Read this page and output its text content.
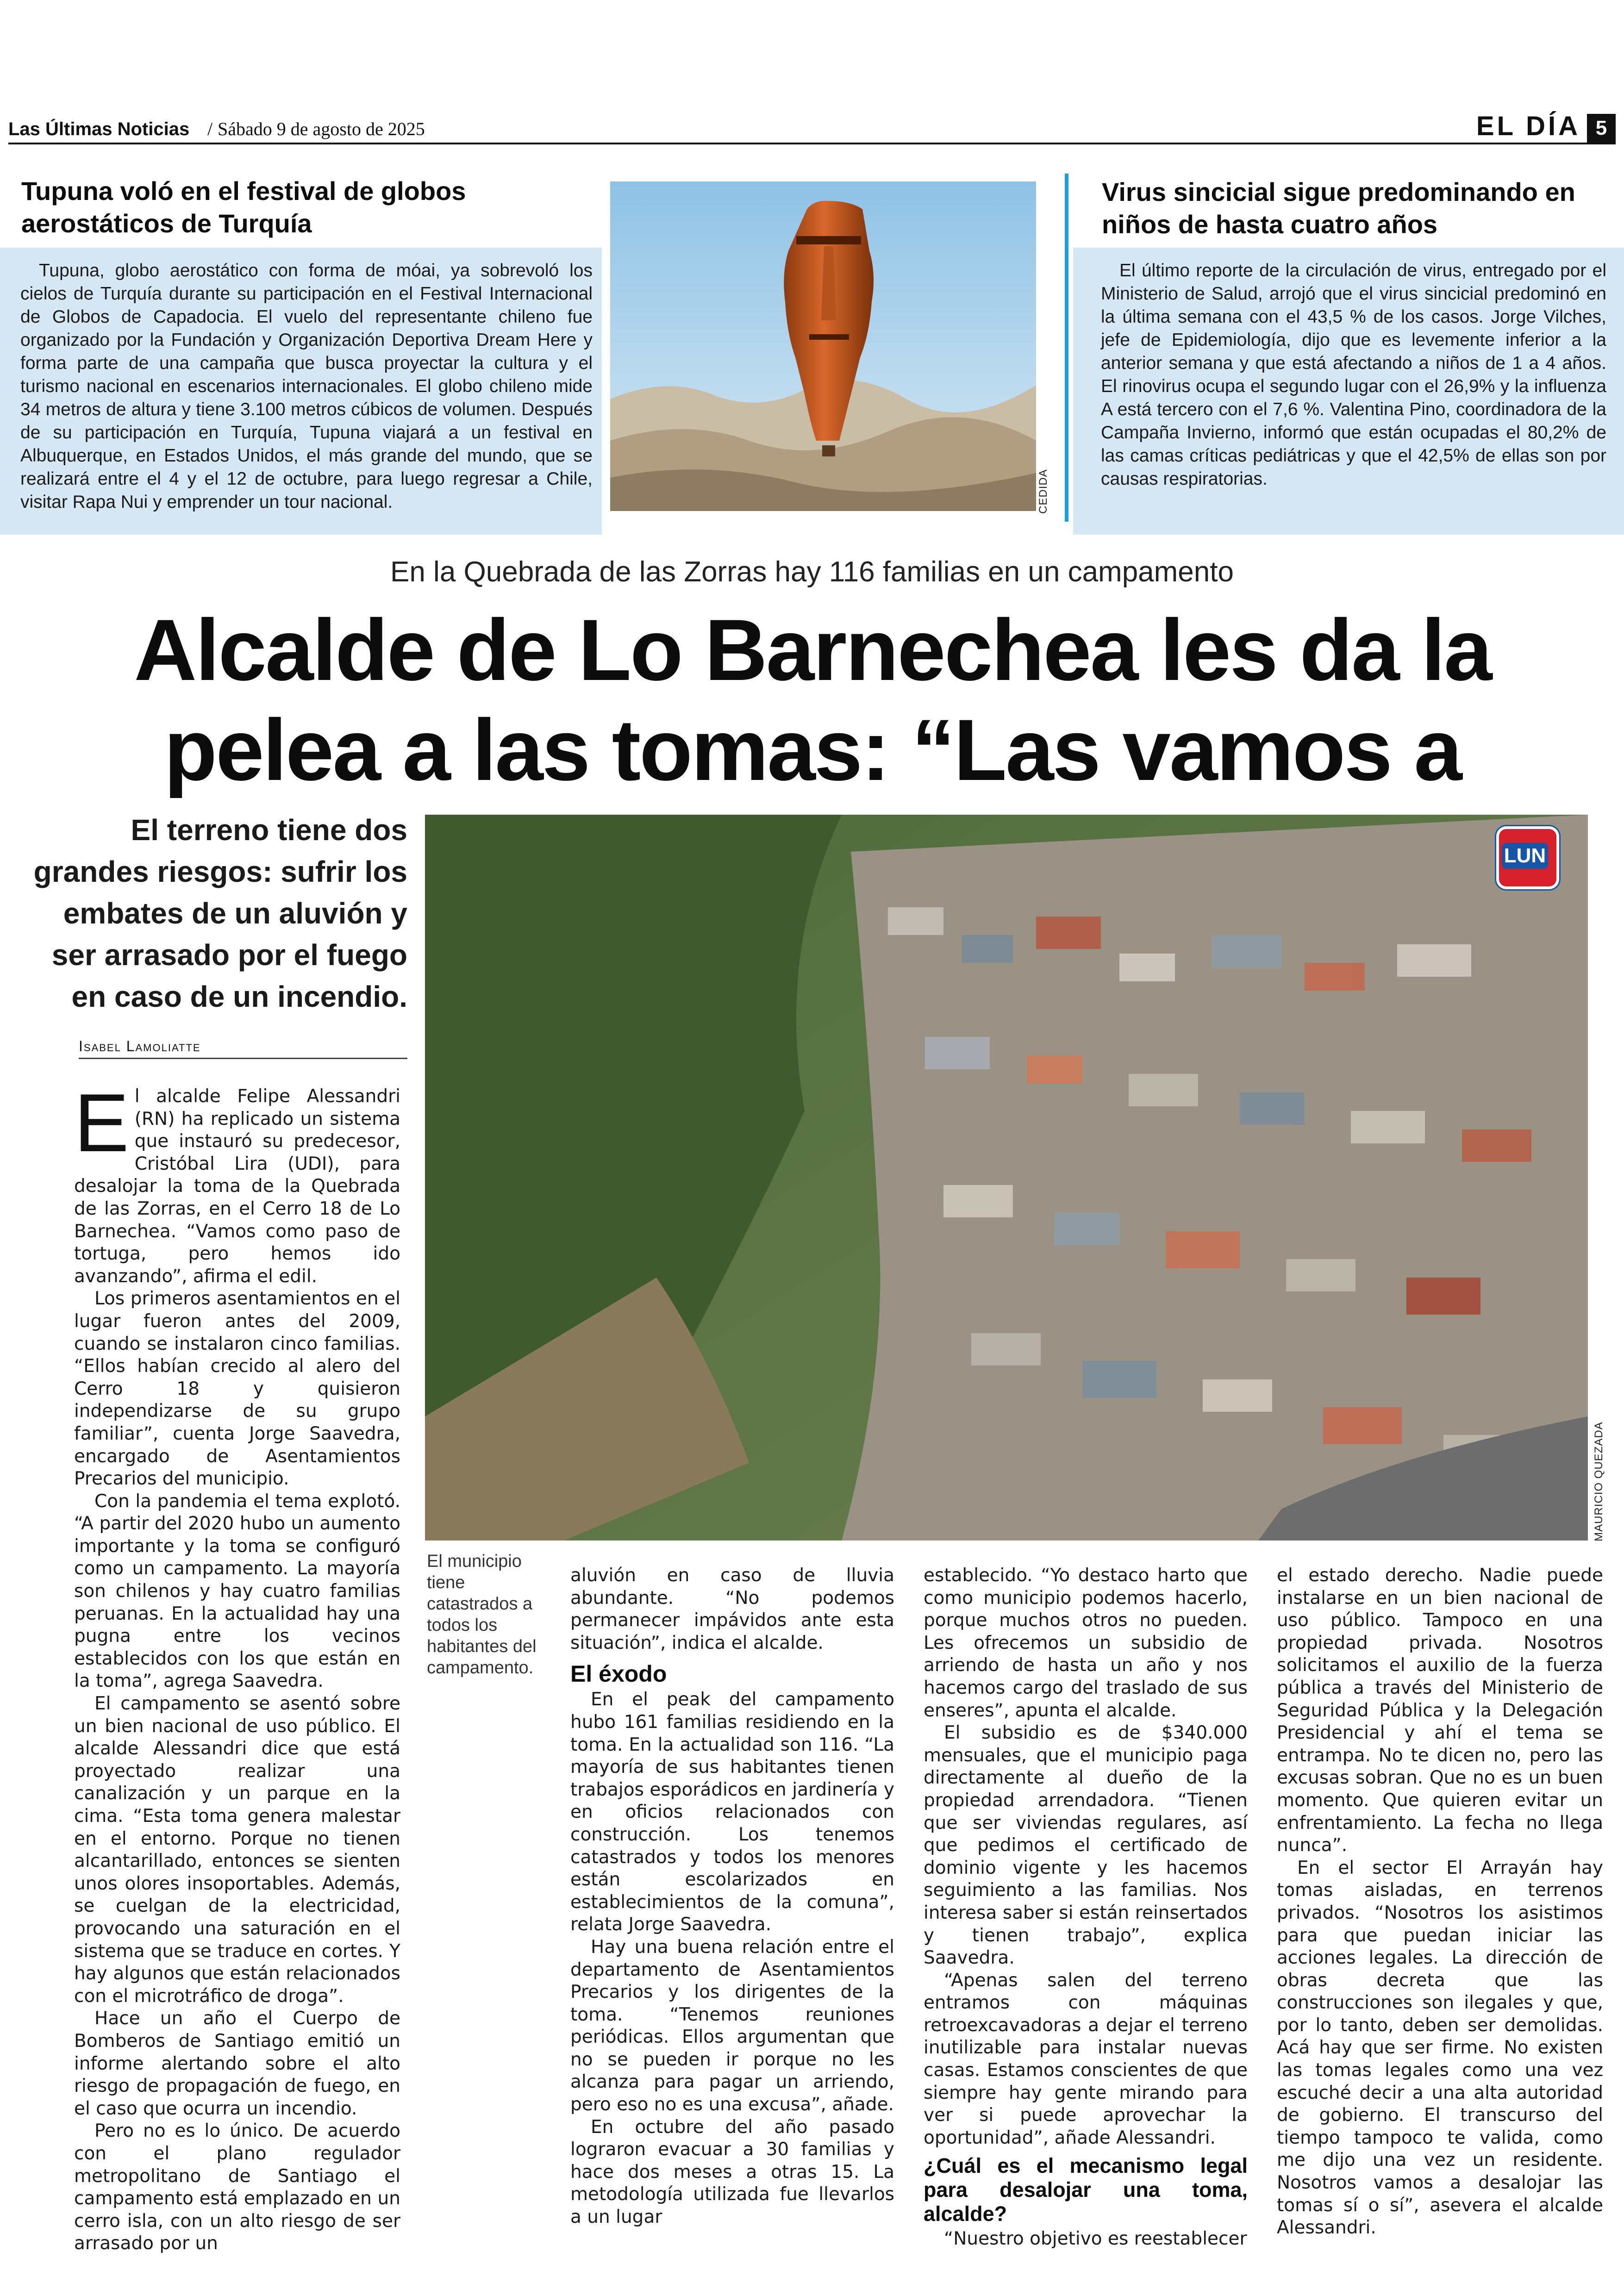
Las Últimas Noticias / Sábado 9 de agosto de 2025	EL DÍA 5
Tupuna voló en el festival de globos aerostáticos de Turquía
Tupuna, globo aerostático con forma de móai, ya sobrevoló los cielos de Turquía durante su participación en el Festival Internacional de Globos de Capadocia. El vuelo del representante chileno fue organizado por la Fundación y Organización Deportiva Dream Here y forma parte de una campaña que busca proyectar la cultura y el turismo nacional en escenarios internacionales. El globo chileno mide 34 metros de altura y tiene 3.100 metros cúbicos de volumen. Después de su participación en Turquía, Tupuna viajará a un festival en Albuquerque, en Estados Unidos, el más grande del mundo, que se realizará entre el 4 y el 12 de octubre, para luego regresar a Chile, visitar Rapa Nui y emprender un tour nacional.	CEDIDA
Virus sincicial sigue predominando en niños de hasta cuatro años
El último reporte de la circulación de virus, entregado por el Ministerio de Salud, arrojó que el virus sincicial predominó en la última semana con el 43,5 % de los casos. Jorge Vilches, jefe de Epidemiología, dijo que es levemente inferior a la anterior semana y que está afectando a niños de 1 a 4 años. El rinovirus ocupa el segundo lugar con el 26,9% y la influenza A está tercero con el 7,6 %. Valentina Pino, coordinadora de la Campaña Invierno, informó que están ocupadas el 80,2% de las camas críticas pediátricas y que el 42,5% de ellas son por causas respiratorias.
En la Quebrada de las Zorras hay 116 familias en un campamento
Alcalde de Lo Barnechea les da la pelea a las tomas: “Las vamos a
El terreno tiene dos grandes riesgos: sufrir los embates de un aluvión y ser arrasado por el fuego en caso de un incendio.
Isabel Lamoliatte
LUN
MAURICIO QUEZADA
El municipio tiene catastrados a todos los habitantes del campamento.

El alcalde Felipe Alessandri (RN) ha replicado un sistema que instauró su predecesor, Cristóbal Lira (UDI), para desalojar la toma de la Quebrada de las Zorras, en el Cerro 18 de Lo Barnechea. “Vamos como paso de tortuga, pero hemos ido avanzando”, afirma el edil.

Los primeros asentamientos en el lugar fueron antes del 2009, cuando se instalaron cinco familias. “Ellos habían crecido al alero del Cerro 18 y quisieron independizarse de su grupo familiar”, cuenta Jorge Saavedra, encargado de Asentamientos Precarios del municipio.

Con la pandemia el tema explotó. “A partir del 2020 hubo un aumento importante y la toma se configuró como un campamento. La mayoría son chilenos y hay cuatro familias peruanas. En la actualidad hay una pugna entre los vecinos establecidos con los que están en la toma”, agrega Saavedra.

El campamento se asentó sobre un bien nacional de uso público. El alcalde Alessandri dice que está proyectado realizar una canalización y un parque en la cima. “Esta toma genera malestar en el entorno. Porque no tienen alcantarillado, entonces se sienten unos olores insoportables. Además, se cuelgan de la electricidad, provocando una saturación en el sistema que se traduce en cortes. Y hay algunos que están relacionados con el microtráfico de droga”.

Hace un año el Cuerpo de Bomberos de Santiago emitió un informe alertando sobre el alto riesgo de propagación de fuego, en el caso que ocurra un incendio.

Pero no es lo único. De acuerdo con el plano regulador metropolitano de Santiago el campamento está emplazado en un cerro isla, con un alto riesgo de ser arrasado por un

aluvión en caso de lluvia abundante. “No podemos permanecer impávidos ante esta situación”, indica el alcalde.

El éxodo

En el peak del campamento hubo 161 familias residiendo en la toma. En la actualidad son 116. “La mayoría de sus habitantes tienen trabajos esporádicos en jardinería y en oficios relacionados con construcción. Los tenemos catastrados y todos los menores están escolarizados en establecimientos de la comuna”, relata Jorge Saavedra.

Hay una buena relación entre el departamento de Asentamientos Precarios y los dirigentes de la toma. “Tenemos reuniones periódicas. Ellos argumentan que no se pueden ir porque no les alcanza para pagar un arriendo, pero eso no es una excusa”, añade.

En octubre del año pasado lograron evacuar a 30 familias y hace dos meses a otras 15. La metodología utilizada fue llevarlos a un lugar

establecido. “Yo destaco harto que como municipio podemos hacerlo, porque muchos otros no pueden. Les ofrecemos un subsidio de arriendo de hasta un año y nos hacemos cargo del traslado de sus enseres”, apunta el alcalde.

El subsidio es de $340.000 mensuales, que el municipio paga directamente al dueño de la propiedad arrendadora. “Tienen que ser viviendas regulares, así que pedimos el certificado de dominio vigente y les hacemos seguimiento a las familias. Nos interesa saber si están reinsertados y tienen trabajo”, explica Saavedra.

“Apenas salen del terreno entramos con máquinas retroexcavadoras a dejar el terreno inutilizable para instalar nuevas casas. Estamos conscientes de que siempre hay gente mirando para ver si puede aprovechar la oportunidad”, añade Alessandri.

¿Cuál es el mecanismo legal para desalojar una toma, alcalde?

“Nuestro objetivo es reestablecer

el estado derecho. Nadie puede instalarse en un bien nacional de uso público. Tampoco en una propiedad privada. Nosotros solicitamos el auxilio de la fuerza pública a través del Ministerio de Seguridad Pública y la Delegación Presidencial y ahí el tema se entrampa. No te dicen no, pero las excusas sobran. Que no es un buen momento. Que quieren evitar un enfrentamiento. La fecha no llega nunca”.

En el sector El Arrayán hay tomas aisladas, en terrenos privados. “Nosotros los asistimos para que puedan iniciar las acciones legales. La dirección de obras decreta que las construcciones son ilegales y que, por lo tanto, deben ser demolidas. Acá hay que ser firme. No existen las tomas legales como una vez escuché decir a una alta autoridad de gobierno. El transcurso del tiempo tampoco te valida, como me dijo una vez un residente. Nosotros vamos a desalojar las tomas sí o sí”, asevera el alcalde Alessandri.
